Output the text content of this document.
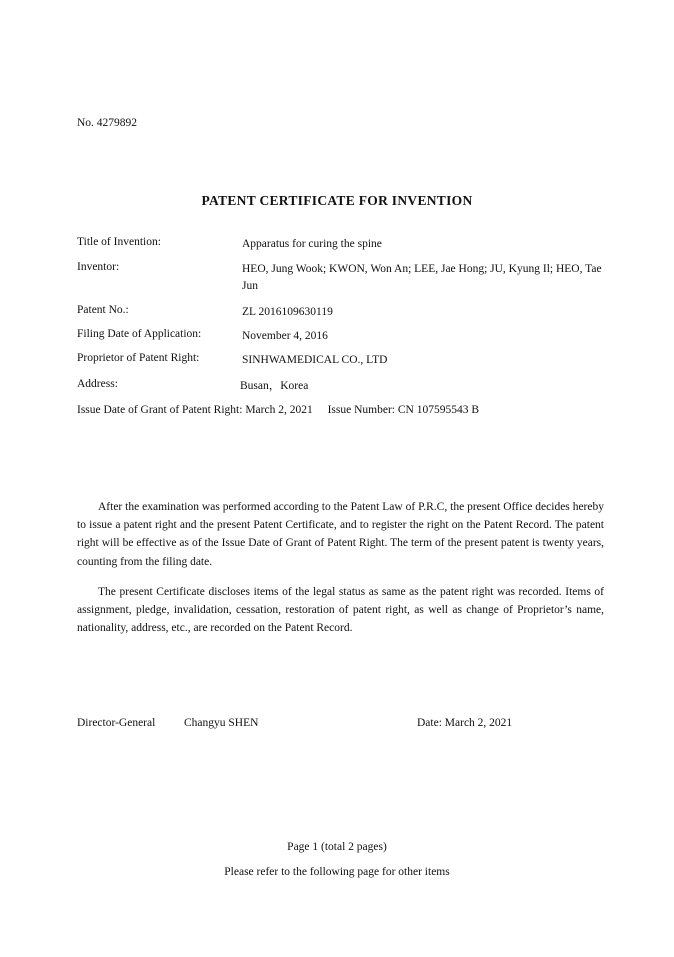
No. 4279892
PATENT CERTIFICATE FOR INVENTION
Title of Invention:	Apparatus for curing the spine
Inventor:	HEO, Jung Wook; KWON, Won An; LEE, Jae Hong; JU, Kyung Il; HEO, Tae Jun
Patent No.:	ZL 2016109630119
Filing Date of Application:	November 4, 2016
Proprietor of Patent Right:	SINHWAMEDICAL CO., LTD
Address:	Busan，Korea
Issue Date of Grant of Patent Right: March 2, 2021 Issue Number: CN 107595543 B
After the examination was performed according to the Patent Law of P.R.C, the present Office decides hereby to issue a patent right and the present Patent Certificate, and to register the right on the Patent Record. The patent right will be effective as of the Issue Date of Grant of Patent Right. The term of the present patent is twenty years, counting from the filing date.
The present Certificate discloses items of the legal status as same as the patent right was recorded. Items of assignment, pledge, invalidation, cessation, restoration of patent right, as well as change of Proprietor’s name, nationality, address, etc., are recorded on the Patent Record.
Director-General Changyu SHEN	Date: March 2, 2021
Page 1 (total 2 pages)
Please refer to the following page for other items
